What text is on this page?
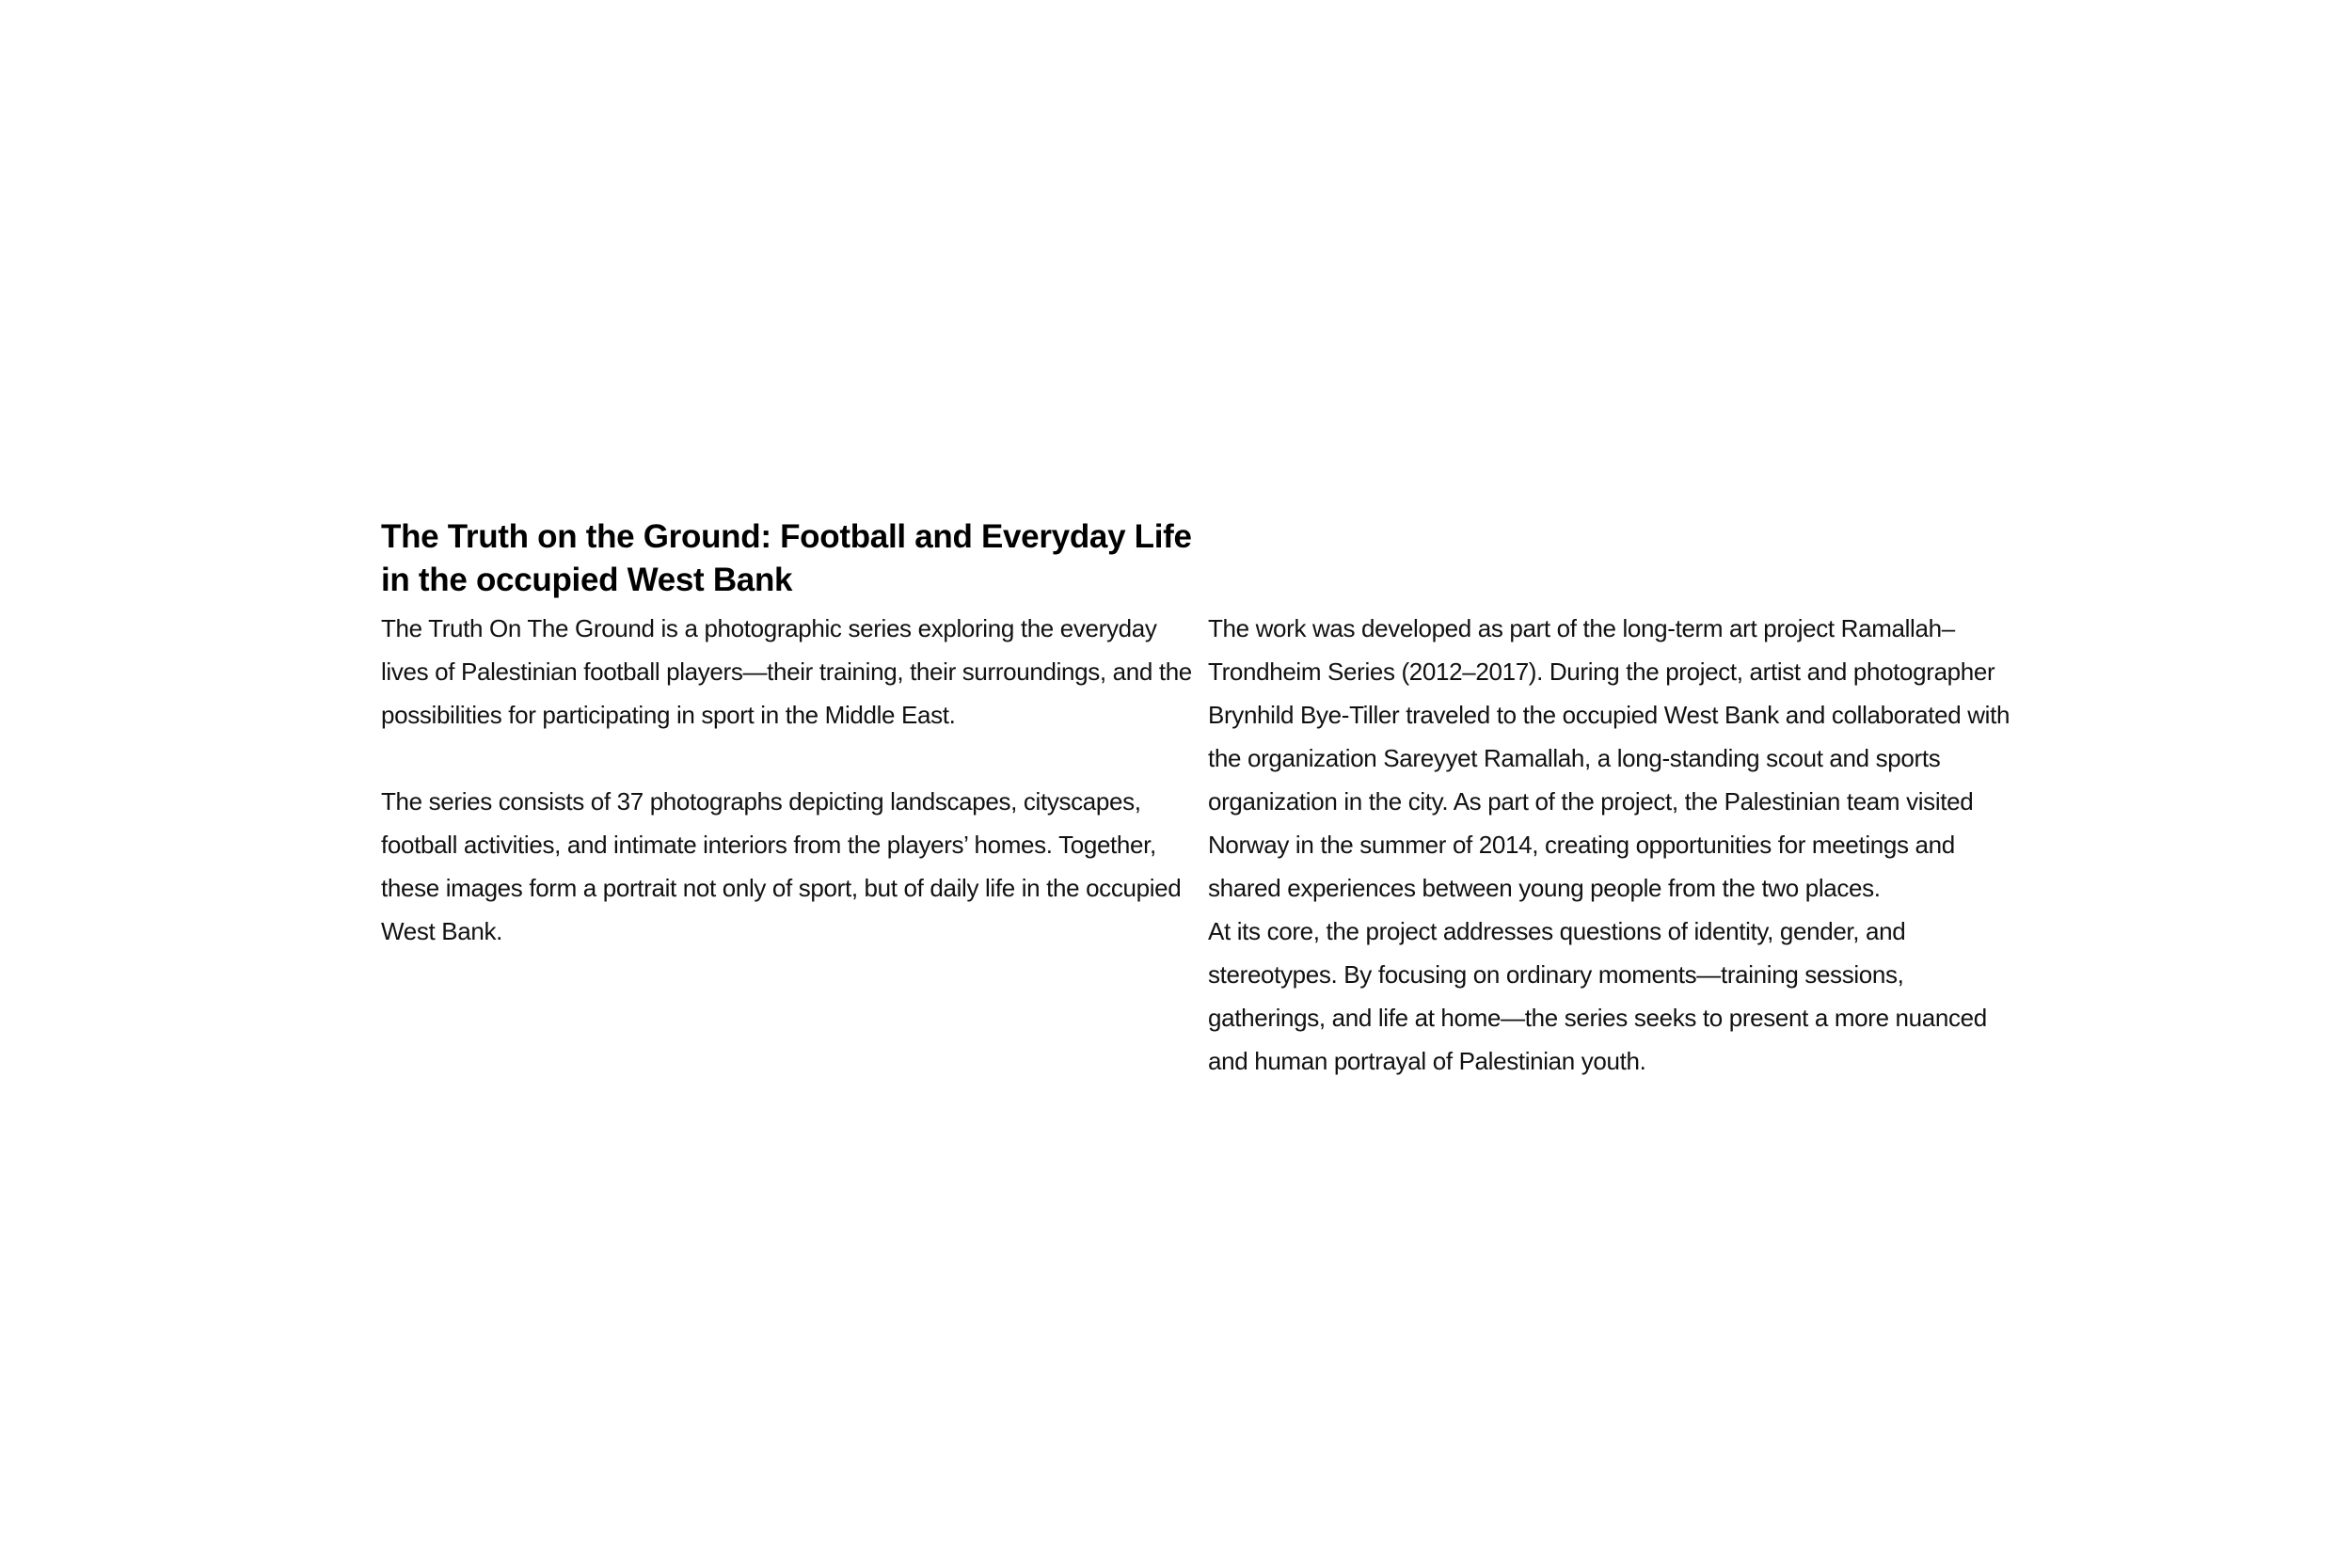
The Truth on the Ground: Football and Everyday Life in the occupied West Bank

The Truth On The Ground is a photographic series exploring the everyday lives of Palestinian football players—their training, their surroundings, and the possibilities for participating in sport in the Middle East.

The series consists of 37 photographs depicting landscapes, cityscapes, football activities, and intimate interiors from the players’ homes. Together, these images form a portrait not only of sport, but of daily life in the occupied West Bank.

The work was developed as part of the long-term art project Ramallah–Trondheim Series (2012–2017). During the project, artist and photographer Brynhild Bye-Tiller traveled to the occupied West Bank and collaborated with the organization Sareyyet Ramallah, a long-standing scout and sports organization in the city. As part of the project, the Palestinian team visited Norway in the summer of 2014, creating opportunities for meetings and shared experiences between young people from the two places.

At its core, the project addresses questions of identity, gender, and stereotypes. By focusing on ordinary moments—training sessions, gatherings, and life at home—the series seeks to present a more nuanced and human portrayal of Palestinian youth.
